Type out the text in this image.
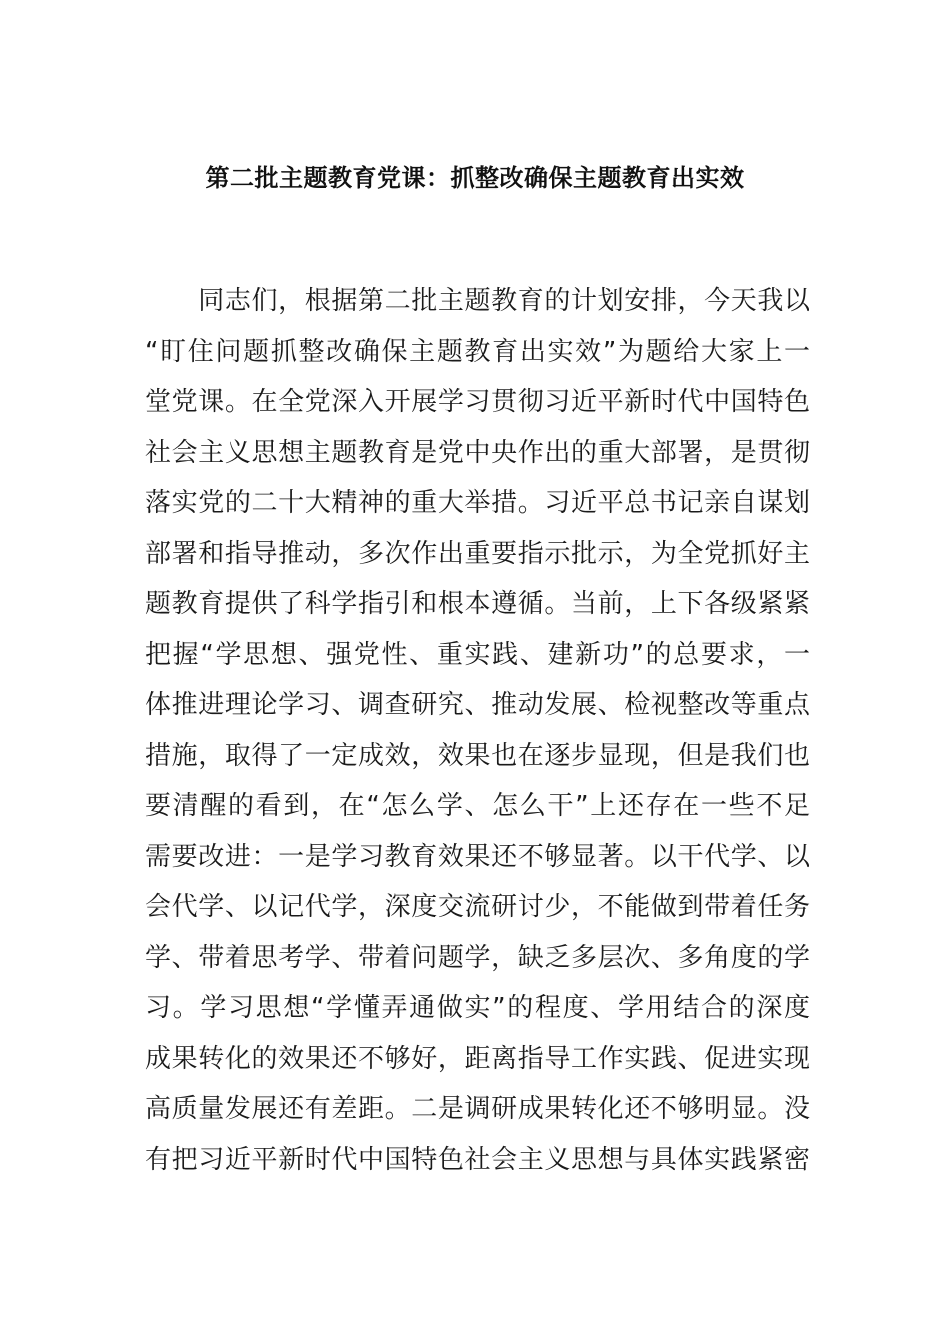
第二批主题教育党课：抓整改确保主题教育出实效
　　同志们，根据第二批主题教育的计划安排，今天我以
“盯住问题抓整改确保主题教育出实效”为题给大家上一
堂党课。在全党深入开展学习贯彻习近平新时代中国特色
社会主义思想主题教育是党中央作出的重大部署，是贯彻
落实党的二十大精神的重大举措。习近平总书记亲自谋划
部署和指导推动，多次作出重要指示批示，为全党抓好主
题教育提供了科学指引和根本遵循。当前，上下各级紧紧
把握“学思想、强党性、重实践、建新功”的总要求，一
体推进理论学习、调查研究、推动发展、检视整改等重点
措施，取得了一定成效，效果也在逐步显现，但是我们也
要清醒的看到，在“怎么学、怎么干”上还存在一些不足
需要改进：一是学习教育效果还不够显著。以干代学、以
会代学、以记代学，深度交流研讨少，不能做到带着任务
学、带着思考学、带着问题学，缺乏多层次、多角度的学
习。学习思想“学懂弄通做实”的程度、学用结合的深度
成果转化的效果还不够好，距离指导工作实践、促进实现
高质量发展还有差距。二是调研成果转化还不够明显。没
有把习近平新时代中国特色社会主义思想与具体实践紧密
